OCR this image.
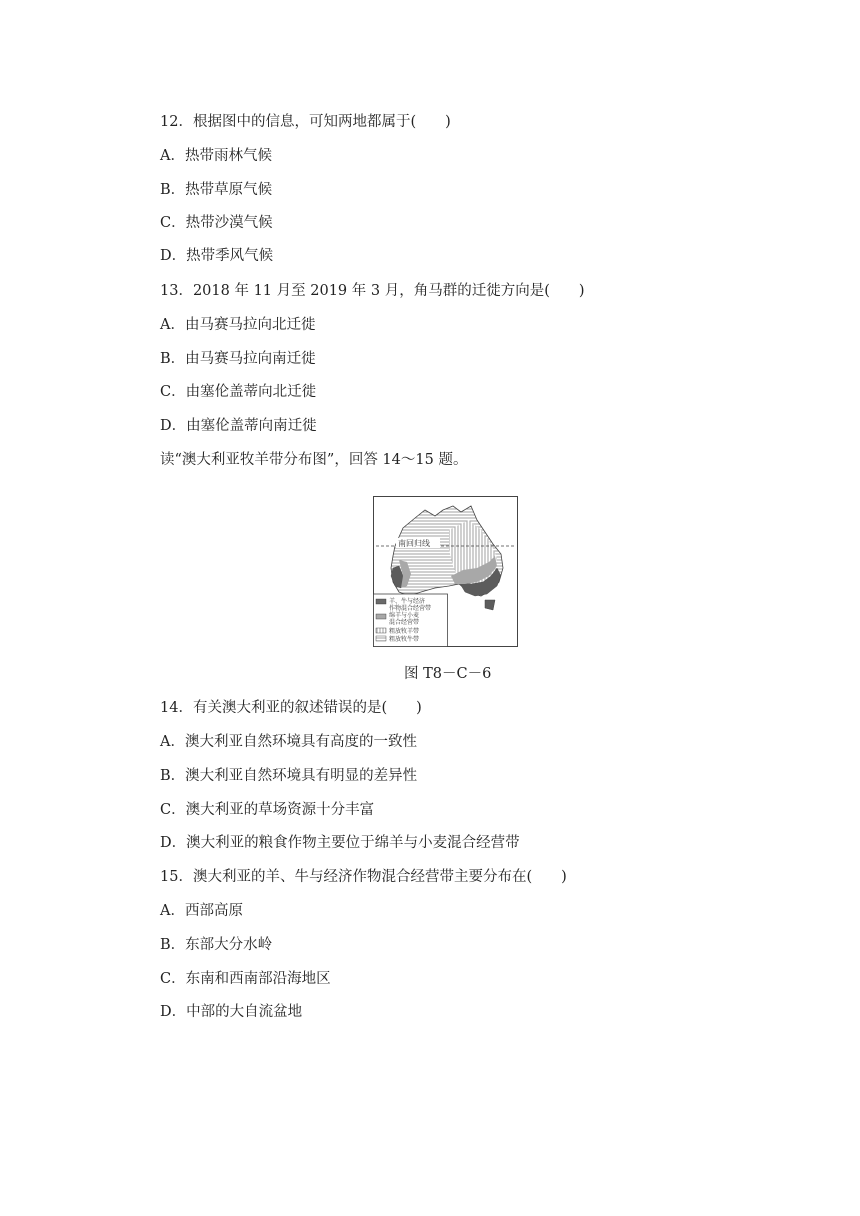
12．根据图中的信息，可知两地都属于(　　)
A．热带雨林气候
B．热带草原气候
C．热带沙漠气候
D．热带季风气候
13．2018 年 11 月至 2019 年 3 月，角马群的迁徙方向是(　　)
A．由马赛马拉向北迁徙
B．由马赛马拉向南迁徙
C．由塞伦盖蒂向北迁徙
D．由塞伦盖蒂向南迁徙
读“澳大利亚牧羊带分布图”，回答 14～15 题。
南回归线
羊、牛与经济
作物混合经营带
绵羊与小麦
混合经营带
粗放牧羊带
粗放牧牛带
图 T8－C－6
14．有关澳大利亚的叙述错误的是(　　)
A．澳大利亚自然环境具有高度的一致性
B．澳大利亚自然环境具有明显的差异性
C．澳大利亚的草场资源十分丰富
D．澳大利亚的粮食作物主要位于绵羊与小麦混合经营带
15．澳大利亚的羊、牛与经济作物混合经营带主要分布在(　　)
A．西部高原
B．东部大分水岭
C．东南和西南部沿海地区
D．中部的大自流盆地
